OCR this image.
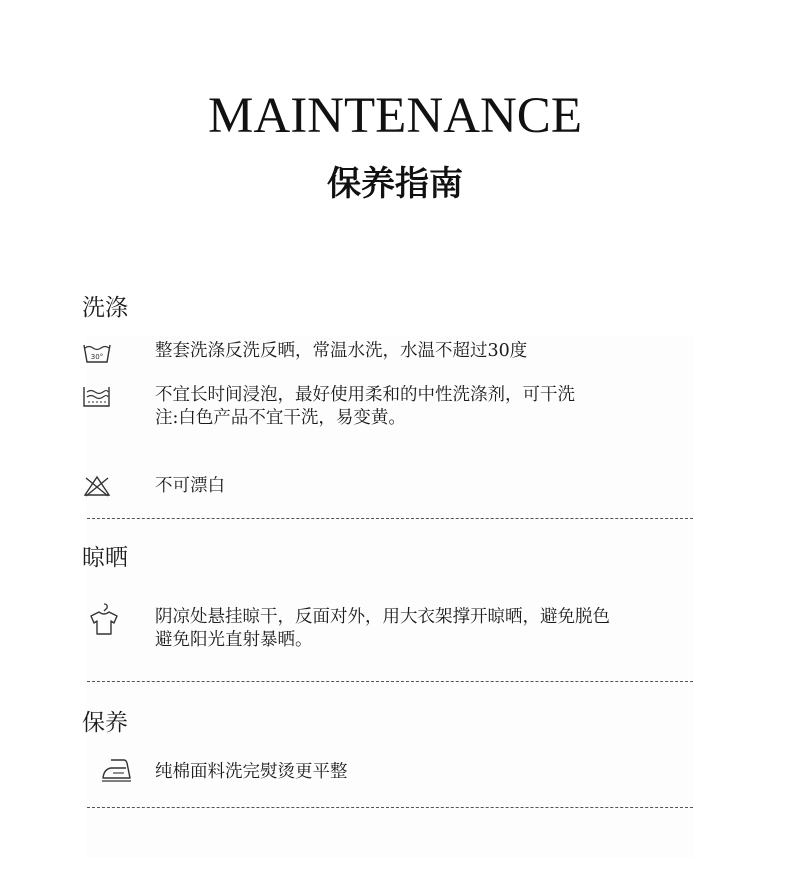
MAINTENANCE
保养指南
洗涤
30°	整套洗涤反洗反晒，常温水洗，水温不超过30度
不宜长时间浸泡，最好使用柔和的中性洗涤剂，可干洗
注:白色产品不宜干洗，易变黄。
不可漂白
晾晒
阴凉处悬挂晾干，反面对外，用大衣架撑开晾晒，避免脱色
避免阳光直射暴晒。
保养
纯棉面料洗完熨烫更平整
